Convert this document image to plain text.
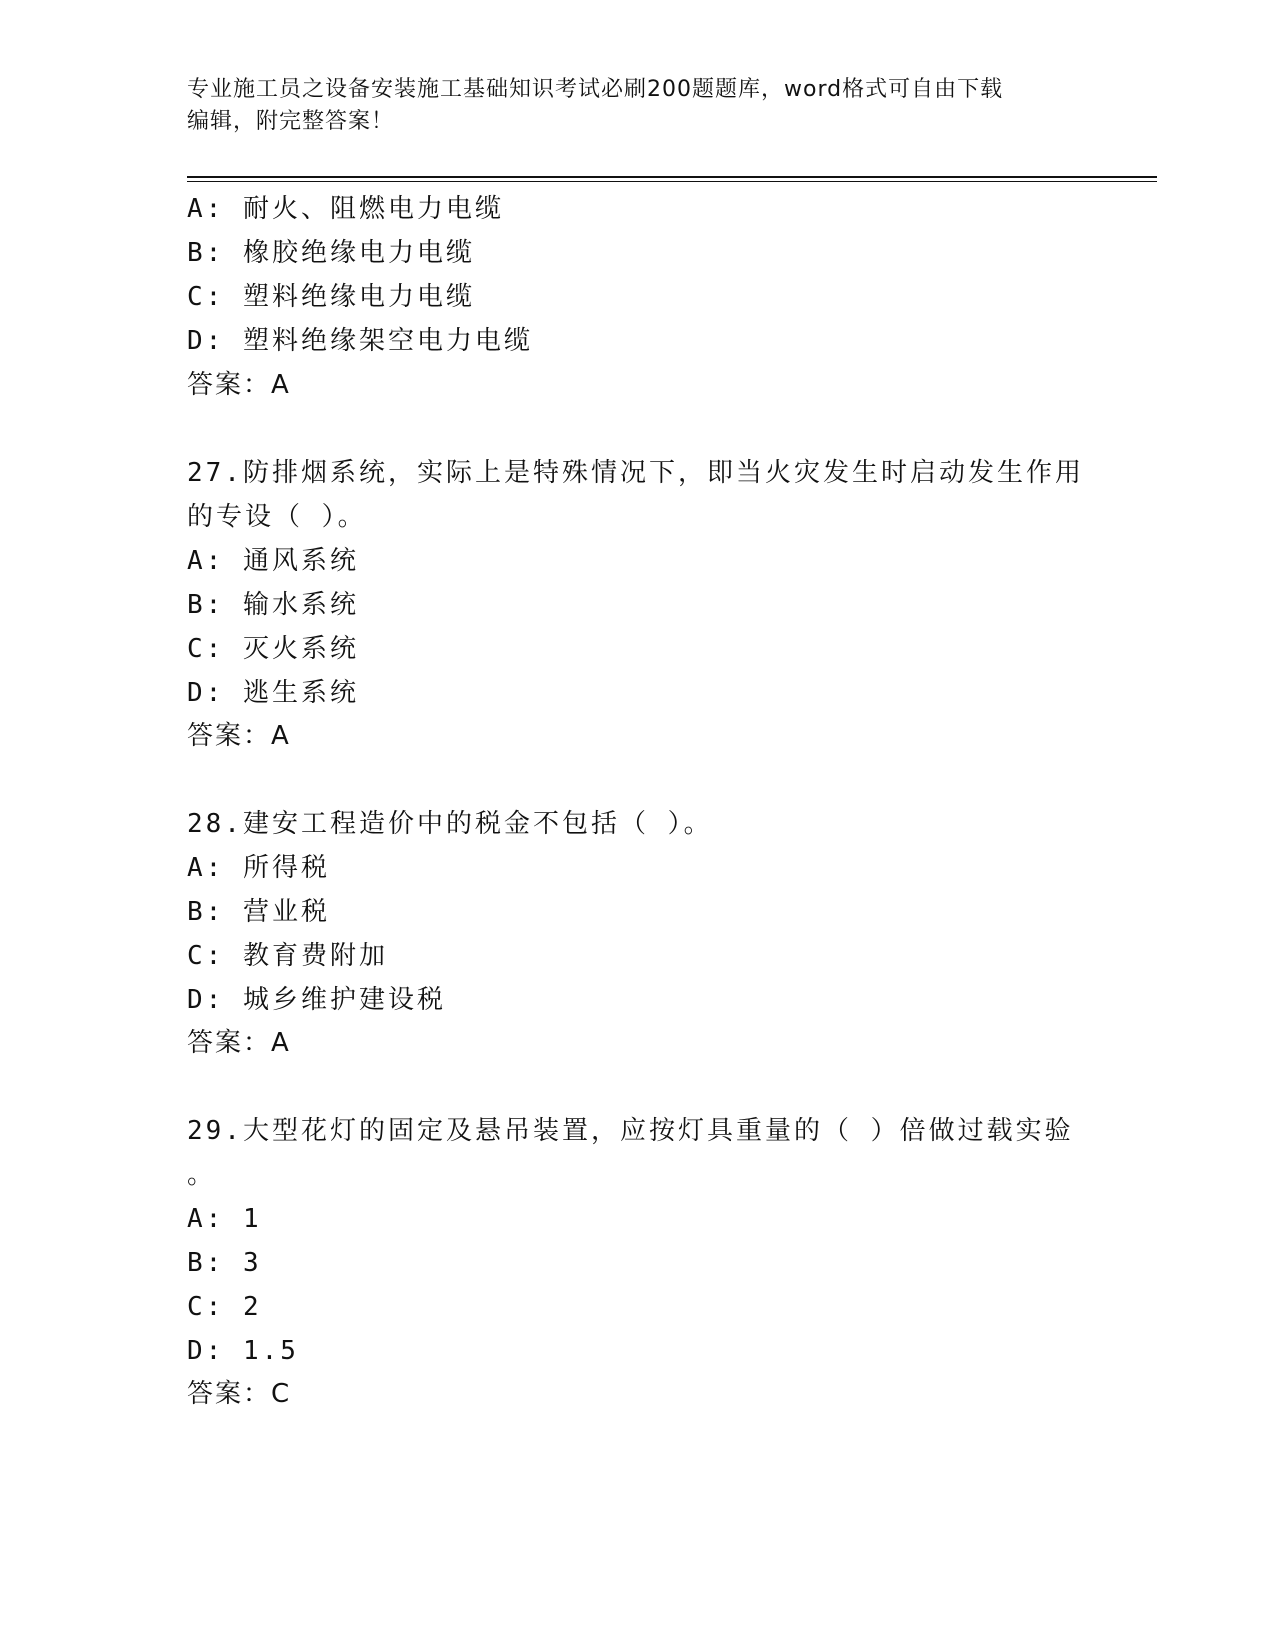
专业施工员之设备安装施工基础知识考试必刷200题题库，word格式可自由下载
编辑，附完整答案！
A: 耐火、阻燃电力电缆
B: 橡胶绝缘电力电缆
C: 塑料绝缘电力电缆
D: 塑料绝缘架空电力电缆
答案：A
27.防排烟系统，实际上是特殊情况下，即当火灾发生时启动发生作用
的专设（ ）。
A: 通风系统
B: 输水系统
C: 灭火系统
D: 逃生系统
答案：A
28.建安工程造价中的税金不包括（ ）。
A: 所得税
B: 营业税
C: 教育费附加
D: 城乡维护建设税
答案：A
29.大型花灯的固定及悬吊装置，应按灯具重量的（ ）倍做过载实验
。
A: 1
B: 3
C: 2
D: 1.5
答案：C
